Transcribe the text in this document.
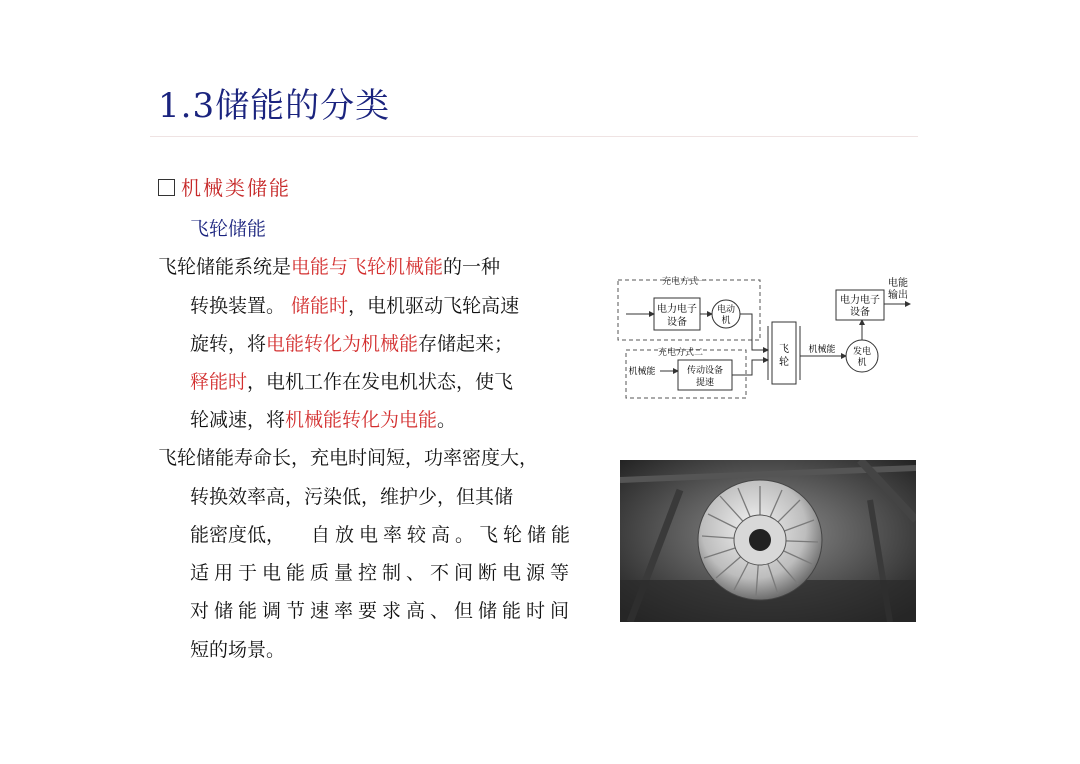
1.3储能的分类
机械类储能
飞轮储能
飞轮储能系统是电能与飞轮机械能的一种
转换装置。 储能时，电机驱动飞轮高速
旋转，将电能转化为机械能存储起来；
释能时，电机工作在发电机状态，使飞
轮减速，将机械能转化为电能。
飞轮储能寿命长，充电时间短，功率密度大，
转换效率高，污染低，维护少，但其储
能密度低， 自放电率较高。飞轮储能
适用于电能质量控制、不间断电源等
对储能调节速率要求高、但储能时间
短的场景。
充电方式一
充电方式二
电力电子
设备
电动
机
机械能	传动设备
提速
飞
轮
机械能 发电
机
电力电子
设备
电能
输出
